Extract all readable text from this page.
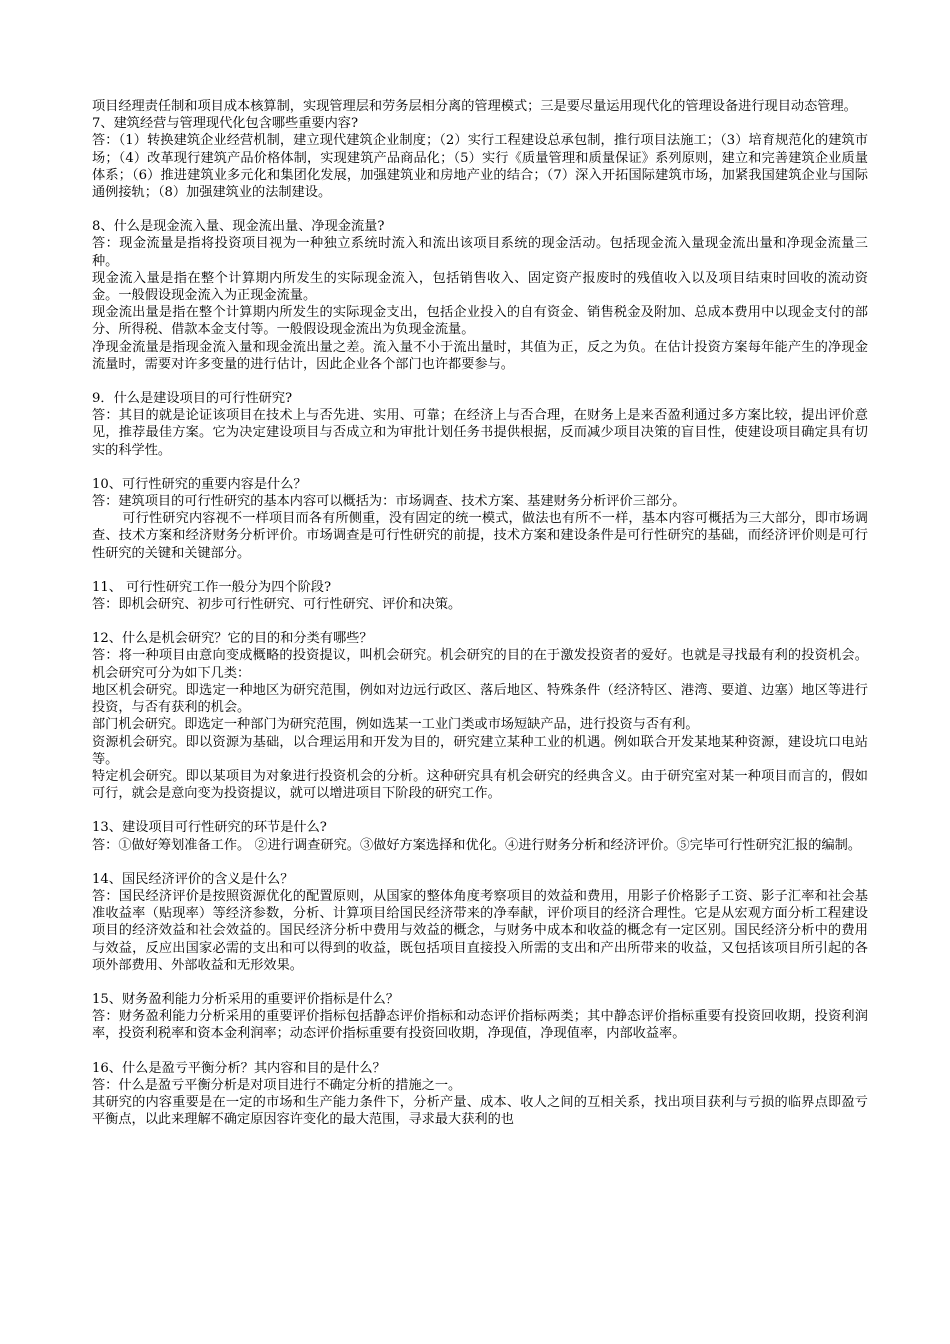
项目经理责任制和项目成本核算制，实现管理层和劳务层相分离的管理模式；三是要尽量运用现代化的管理设备进行现目动态管理。

7、建筑经营与管理现代化包含哪些重要内容?

答：（1）转换建筑企业经营机制，建立现代建筑企业制度；（2）实行工程建设总承包制，推行项目法施工；（3）培育规范化的建筑市场；（4）改革现行建筑产品价格体制，实现建筑产品商品化；（5）实行《质量管理和质量保证》系列原则，建立和完善建筑企业质量体系；（6）推进建筑业多元化和集团化发展，加强建筑业和房地产业的结合；（7）深入开拓国际建筑市场，加紧我国建筑企业与国际通例接轨；（8）加强建筑业的法制建设。

8、什么是现金流入量、现金流出量、净现金流量?

答：现金流量是指将投资项目视为一种独立系统时流入和流出该项目系统的现金活动。包括现金流入量现金流出量和净现金流量三种。

现金流入量是指在整个计算期内所发生的实际现金流入，包括销售收入、固定资产报废时的残值收入以及项目结束时回收的流动资金。一般假设现金流入为正现金流量。

现金流出量是指在整个计算期内所发生的实际现金支出，包括企业投入的自有资金、销售税金及附加、总成本费用中以现金支付的部分、所得税、借款本金支付等。一般假设现金流出为负现金流量。

净现金流量是指现金流入量和现金流出量之差。流入量不小于流出量时，其值为正，反之为负。在估计投资方案每年能产生的净现金流量时，需要对许多变量的进行估计，因此企业各个部门也许都要参与。

9．什么是建设项目的可行性研究?

答：其目的就是论证该项目在技术上与否先进、实用、可靠；在经济上与否合理，在财务上是来否盈利通过多方案比较，提出评价意见，推荐最佳方案。它为决定建设项目与否成立和为审批计划任务书提供根据，反而减少项目决策的盲目性，使建设项目确定具有切实的科学性。

10、可行性研究的重要内容是什么？

答：建筑项目的可行性研究的基本内容可以概括为：市场调查、技术方案、基建财务分析评价三部分。

可行性研究内容视不一样项目而各有所侧重，没有固定的统一模式，做法也有所不一样，基本内容可概括为三大部分，即市场调查、技术方案和经济财务分析评价。市场调查是可行性研究的前提，技术方案和建设条件是可行性研究的基础，而经济评价则是可行性研究的关键和关键部分。

11、 可行性研究工作一般分为四个阶段?

答：即机会研究、初步可行性研究、可行性研究、评价和决策。

12、什么是机会研究？它的目的和分类有哪些？

答：将一种项目由意向变成概略的投资提议，叫机会研究。机会研究的目的在于激发投资者的爱好。也就是寻找最有利的投资机会。机会研究可分为如下几类：

地区机会研究。即选定一种地区为研究范围，例如对边远行政区、落后地区、特殊条件（经济特区、港湾、要道、边塞）地区等进行投资，与否有获利的机会。

部门机会研究。即选定一种部门为研究范围，例如选某一工业门类或市场短缺产品，进行投资与否有利。

资源机会研究。即以资源为基础，以合理运用和开发为目的，研究建立某种工业的机遇。例如联合开发某地某种资源，建设坑口电站等。

特定机会研究。即以某项目为对象进行投资机会的分析。这种研究具有机会研究的经典含义。由于研究室对某一种项目而言的，假如可行，就会是意向变为投资提议，就可以增进项目下阶段的研究工作。

13、建设项目可行性研究的环节是什么?

答：①做好筹划准备工作。 ②进行调查研究。③做好方案选择和优化。④进行财务分析和经济评价。⑤完毕可行性研究汇报的编制。

14、国民经济评价的含义是什么？

答：国民经济评价是按照资源优化的配置原则，从国家的整体角度考察项目的效益和费用，用影子价格影子工资、影子汇率和社会基准收益率（贴现率）等经济参数，分析、计算项目给国民经济带来的净奉献，评价项目的经济合理性。它是从宏观方面分析工程建设项目的经济效益和社会效益的。国民经济分析中费用与效益的概念，与财务中成本和收益的概念有一定区别。国民经济分析中的费用与效益，反应出国家必需的支出和可以得到的收益，既包括项目直接投入所需的支出和产出所带来的收益，又包括该项目所引起的各项外部费用、外部收益和无形效果。

15、财务盈利能力分析采用的重要评价指标是什么？

答：财务盈利能力分析采用的重要评价指标包括静态评价指标和动态评价指标两类；其中静态评价指标重要有投资回收期，投资利润率，投资利税率和资本金利润率；动态评价指标重要有投资回收期，净现值，净现值率，内部收益率。

16、什么是盈亏平衡分析？其内容和目的是什么？

答：什么是盈亏平衡分析是对项目进行不确定分析的措施之一。

其研究的内容重要是在一定的市场和生产能力条件下，分析产量、成本、收人之间的互相关系，找出项目获利与亏损的临界点即盈亏平衡点，以此来理解不确定原因容许变化的最大范围，寻求最大获利的也
